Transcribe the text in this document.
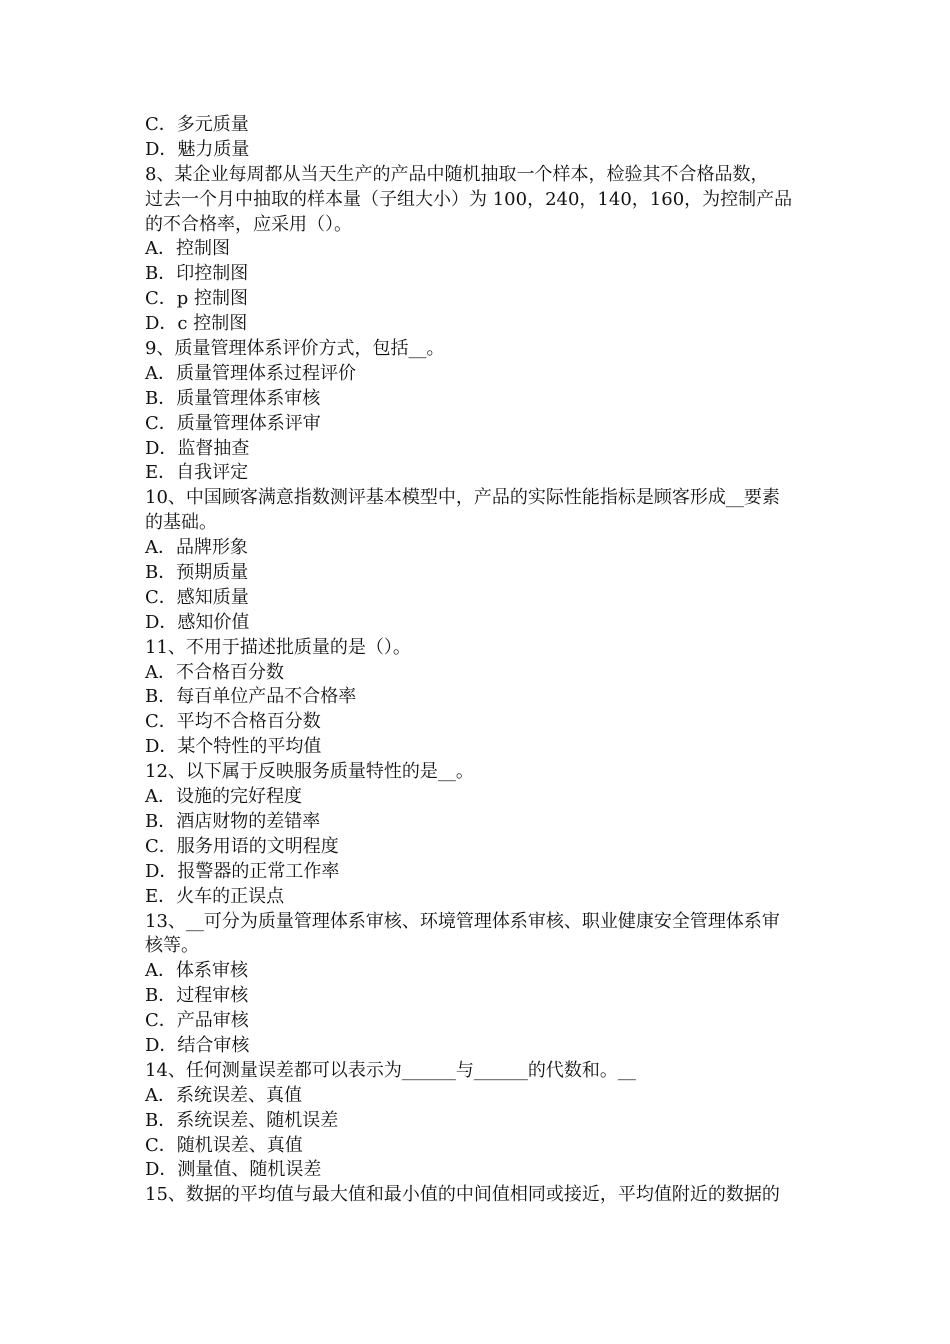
C．多元质量
D．魅力质量
8、某企业每周都从当天生产的产品中随机抽取一个样本，检验其不合格品数，
过去一个月中抽取的样本量（子组大小）为 100，240，140，160，为控制产品
的不合格率，应采用（）。
A．控制图
B．印控制图
C．p 控制图
D．c 控制图
9、质量管理体系评价方式，包括__。
A．质量管理体系过程评价
B．质量管理体系审核
C．质量管理体系评审
D．监督抽查
E．自我评定
10、中国顾客满意指数测评基本模型中，产品的实际性能指标是顾客形成__要素
的基础。
A．品牌形象
B．预期质量
C．感知质量
D．感知价值
11、不用于描述批质量的是（）。
A．不合格百分数
B．每百单位产品不合格率
C．平均不合格百分数
D．某个特性的平均值
12、以下属于反映服务质量特性的是__。
A．设施的完好程度
B．酒店财物的差错率
C．服务用语的文明程度
D．报警器的正常工作率
E．火车的正误点
13、__可分为质量管理体系审核、环境管理体系审核、职业健康安全管理体系审
核等。
A．体系审核
B．过程审核
C．产品审核
D．结合审核
14、任何测量误差都可以表示为______与______的代数和。__
A．系统误差、真值
B．系统误差、随机误差
C．随机误差、真值
D．测量值、随机误差
15、数据的平均值与最大值和最小值的中间值相同或接近，平均值附近的数据的
